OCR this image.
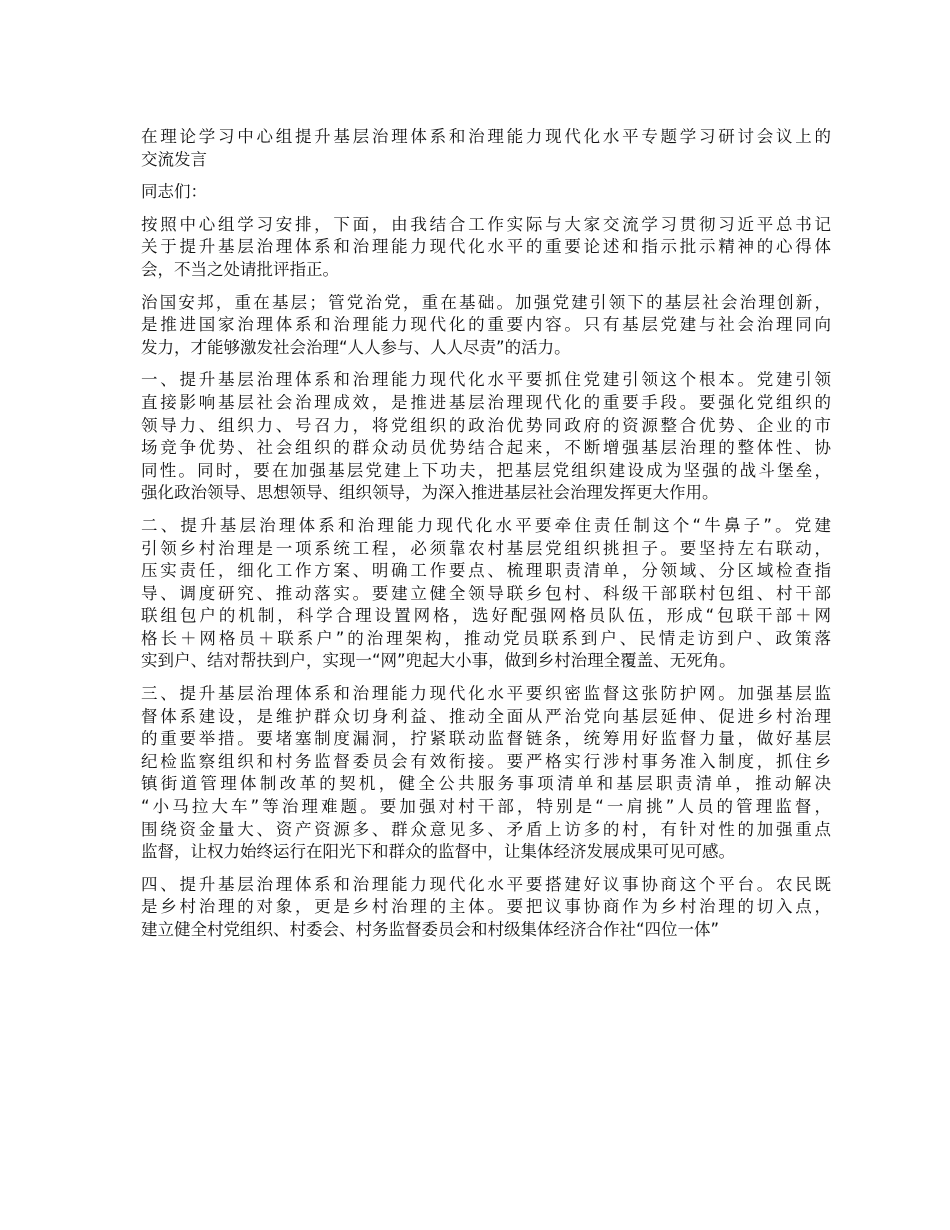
在理论学习中心组提升基层治理体系和治理能力现代化水平专题学习研讨会议上的
交流发言

同志们：

按照中心组学习安排，下面，由我结合工作实际与大家交流学习贯彻习近平总书记
关于提升基层治理体系和治理能力现代化水平的重要论述和指示批示精神的心得体
会，不当之处请批评指正。

治国安邦，重在基层；管党治党，重在基础。加强党建引领下的基层社会治理创新，
是推进国家治理体系和治理能力现代化的重要内容。只有基层党建与社会治理同向
发力，才能够激发社会治理“人人参与、人人尽责”的活力。

一、提升基层治理体系和治理能力现代化水平要抓住党建引领这个根本。党建引领
直接影响基层社会治理成效，是推进基层治理现代化的重要手段。要强化党组织的
领导力、组织力、号召力，将党组织的政治优势同政府的资源整合优势、企业的市
场竞争优势、社会组织的群众动员优势结合起来，不断增强基层治理的整体性、协
同性。同时，要在加强基层党建上下功夫，把基层党组织建设成为坚强的战斗堡垒，
强化政治领导、思想领导、组织领导，为深入推进基层社会治理发挥更大作用。

二、提升基层治理体系和治理能力现代化水平要牵住责任制这个“牛鼻子”。党建
引领乡村治理是一项系统工程，必须靠农村基层党组织挑担子。要坚持左右联动，
压实责任，细化工作方案、明确工作要点、梳理职责清单，分领域、分区域检查指
导、调度研究、推动落实。要建立健全领导联乡包村、科级干部联村包组、村干部
联组包户的机制，科学合理设置网格，选好配强网格员队伍，形成“包联干部＋网
格长＋网格员＋联系户”的治理架构，推动党员联系到户、民情走访到户、政策落
实到户、结对帮扶到户，实现一“网”兜起大小事，做到乡村治理全覆盖、无死角。

三、提升基层治理体系和治理能力现代化水平要织密监督这张防护网。加强基层监
督体系建设，是维护群众切身利益、推动全面从严治党向基层延伸、促进乡村治理
的重要举措。要堵塞制度漏洞，拧紧联动监督链条，统筹用好监督力量，做好基层
纪检监察组织和村务监督委员会有效衔接。要严格实行涉村事务准入制度，抓住乡
镇街道管理体制改革的契机，健全公共服务事项清单和基层职责清单，推动解决
“小马拉大车”等治理难题。要加强对村干部，特别是“一肩挑”人员的管理监督，
围绕资金量大、资产资源多、群众意见多、矛盾上访多的村，有针对性的加强重点
监督，让权力始终运行在阳光下和群众的监督中，让集体经济发展成果可见可感。

四、提升基层治理体系和治理能力现代化水平要搭建好议事协商这个平台。农民既
是乡村治理的对象，更是乡村治理的主体。要把议事协商作为乡村治理的切入点，
建立健全村党组织、村委会、村务监督委员会和村级集体经济合作社“四位一体”
